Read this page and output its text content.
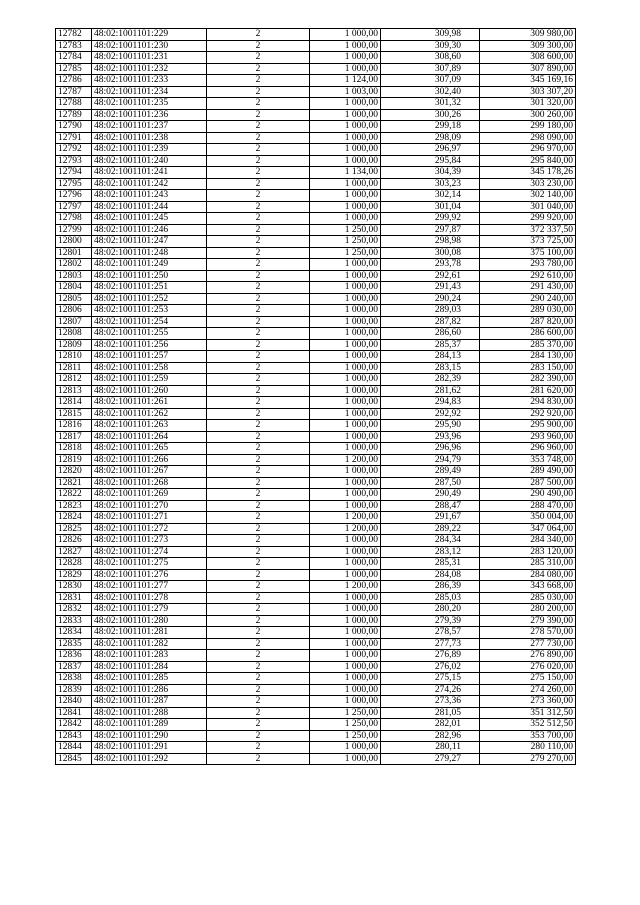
12782	48:02:1001101:229	2	1 000,00	309,98	309 980,00
12783	48:02:1001101:230	2	1 000,00	309,30	309 300,00
12784	48:02:1001101:231	2	1 000,00	308,60	308 600,00
12785	48:02:1001101:232	2	1 000,00	307,89	307 890,00
12786	48:02:1001101:233	2	1 124,00	307,09	345 169,16
12787	48:02:1001101:234	2	1 003,00	302,40	303 307,20
12788	48:02:1001101:235	2	1 000,00	301,32	301 320,00
12789	48:02:1001101:236	2	1 000,00	300,26	300 260,00
12790	48:02:1001101:237	2	1 000,00	299,18	299 180,00
12791	48:02:1001101:238	2	1 000,00	298,09	298 090,00
12792	48:02:1001101:239	2	1 000,00	296,97	296 970,00
12793	48:02:1001101:240	2	1 000,00	295,84	295 840,00
12794	48:02:1001101:241	2	1 134,00	304,39	345 178,26
12795	48:02:1001101:242	2	1 000,00	303,23	303 230,00
12796	48:02:1001101:243	2	1 000,00	302,14	302 140,00
12797	48:02:1001101:244	2	1 000,00	301,04	301 040,00
12798	48:02:1001101:245	2	1 000,00	299,92	299 920,00
12799	48:02:1001101:246	2	1 250,00	297,87	372 337,50
12800	48:02:1001101:247	2	1 250,00	298,98	373 725,00
12801	48:02:1001101:248	2	1 250,00	300,08	375 100,00
12802	48:02:1001101:249	2	1 000,00	293,78	293 780,00
12803	48:02:1001101:250	2	1 000,00	292,61	292 610,00
12804	48:02:1001101:251	2	1 000,00	291,43	291 430,00
12805	48:02:1001101:252	2	1 000,00	290,24	290 240,00
12806	48:02:1001101:253	2	1 000,00	289,03	289 030,00
12807	48:02:1001101:254	2	1 000,00	287,82	287 820,00
12808	48:02:1001101:255	2	1 000,00	286,60	286 600,00
12809	48:02:1001101:256	2	1 000,00	285,37	285 370,00
12810	48:02:1001101:257	2	1 000,00	284,13	284 130,00
12811	48:02:1001101:258	2	1 000,00	283,15	283 150,00
12812	48:02:1001101:259	2	1 000,00	282,39	282 390,00
12813	48:02:1001101:260	2	1 000,00	281,62	281 620,00
12814	48:02:1001101:261	2	1 000,00	294,83	294 830,00
12815	48:02:1001101:262	2	1 000,00	292,92	292 920,00
12816	48:02:1001101:263	2	1 000,00	295,90	295 900,00
12817	48:02:1001101:264	2	1 000,00	293,96	293 960,00
12818	48:02:1001101:265	2	1 000,00	296,96	296 960,00
12819	48:02:1001101:266	2	1 200,00	294,79	353 748,00
12820	48:02:1001101:267	2	1 000,00	289,49	289 490,00
12821	48:02:1001101:268	2	1 000,00	287,50	287 500,00
12822	48:02:1001101:269	2	1 000,00	290,49	290 490,00
12823	48:02:1001101:270	2	1 000,00	288,47	288 470,00
12824	48:02:1001101:271	2	1 200,00	291,67	350 004,00
12825	48:02:1001101:272	2	1 200,00	289,22	347 064,00
12826	48:02:1001101:273	2	1 000,00	284,34	284 340,00
12827	48:02:1001101:274	2	1 000,00	283,12	283 120,00
12828	48:02:1001101:275	2	1 000,00	285,31	285 310,00
12829	48:02:1001101:276	2	1 000,00	284,08	284 080,00
12830	48:02:1001101:277	2	1 200,00	286,39	343 668,00
12831	48:02:1001101:278	2	1 000,00	285,03	285 030,00
12832	48:02:1001101:279	2	1 000,00	280,20	280 200,00
12833	48:02:1001101:280	2	1 000,00	279,39	279 390,00
12834	48:02:1001101:281	2	1 000,00	278,57	278 570,00
12835	48:02:1001101:282	2	1 000,00	277,73	277 730,00
12836	48:02:1001101:283	2	1 000,00	276,89	276 890,00
12837	48:02:1001101:284	2	1 000,00	276,02	276 020,00
12838	48:02:1001101:285	2	1 000,00	275,15	275 150,00
12839	48:02:1001101:286	2	1 000,00	274,26	274 260,00
12840	48:02:1001101:287	2	1 000,00	273,36	273 360,00
12841	48:02:1001101:288	2	1 250,00	281,05	351 312,50
12842	48:02:1001101:289	2	1 250,00	282,01	352 512,50
12843	48:02:1001101:290	2	1 250,00	282,96	353 700,00
12844	48:02:1001101:291	2	1 000,00	280,11	280 110,00
12845	48:02:1001101:292	2	1 000,00	279,27	279 270,00
